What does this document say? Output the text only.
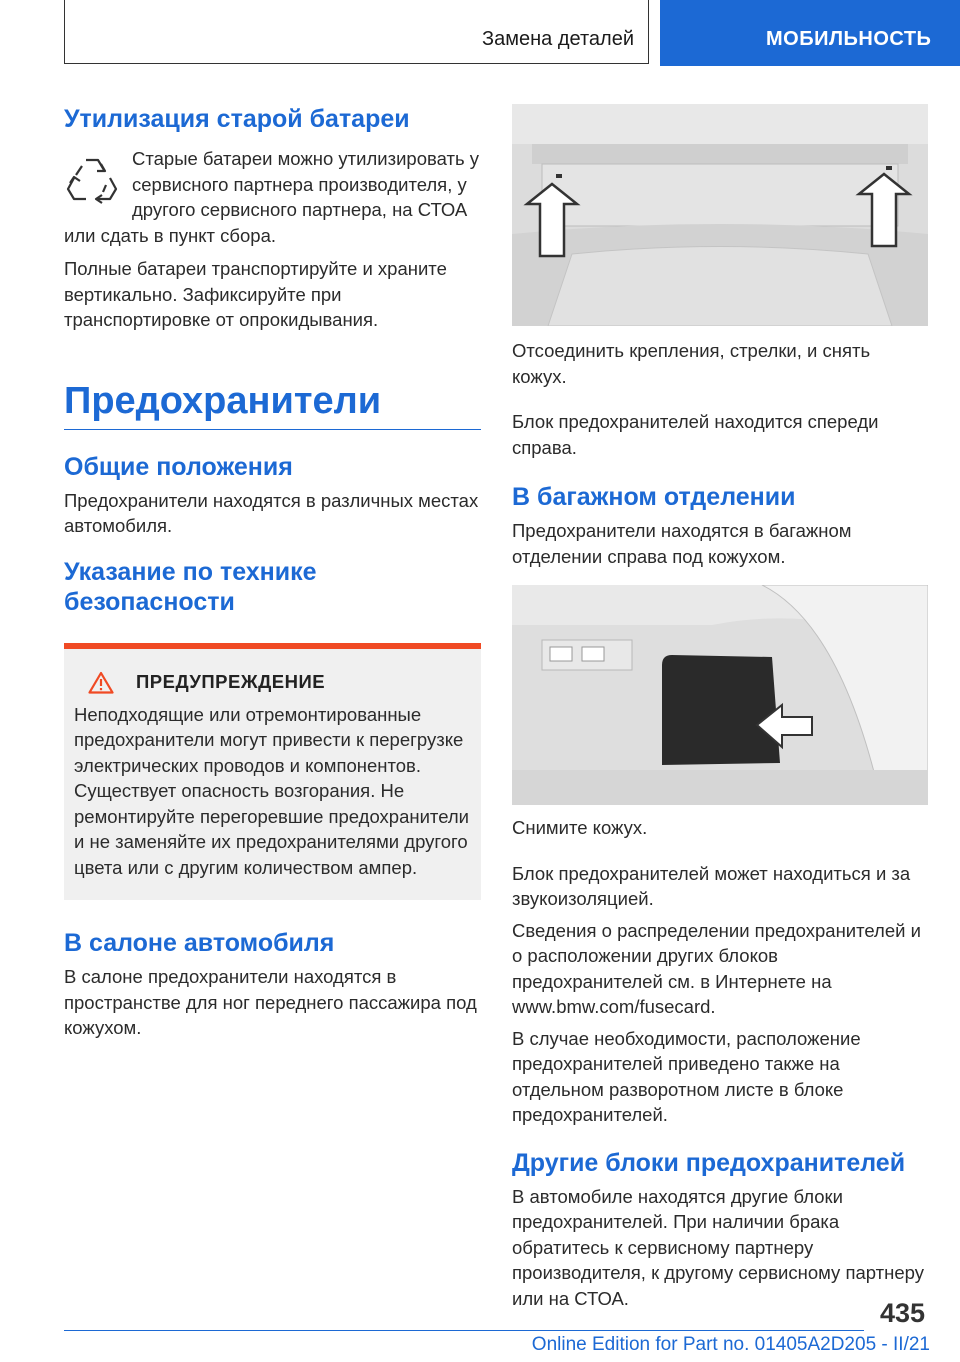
Замена деталей	МОБИЛЬНОСТЬ
Утилизация старой батареи

Старые батареи можно утилизировать у сервисного партнера производителя, у другого сервисного партнера, на СТОА или сдать в пункт сбора.

Полные батареи транспортируйте и храните вертикально. Зафиксируйте при транспортировке от опрокидывания.

Предохранители
Общие положения

Предохранители находятся в различных местах автомобиля.

Указание по технике безопасности
ПРЕДУПРЕЖДЕНИЕ

Неподходящие или отремонтированные предохранители могут привести к перегрузке электрических проводов и компонентов. Существует опасность возгорания. Не ремонтируйте перегоревшие предохранители и не заменяйте их предохранителями другого цвета или с другим количеством ампер.

В салоне автомобиля

В салоне предохранители находятся в пространстве для ног переднего пассажира под кожухом.

Отсоединить крепления, стрелки, и снять кожух.

Блок предохранителей находится спереди справа.

В багажном отделении

Предохранители находятся в багажном отделении справа под кожухом.

Снимите кожух.

Блок предохранителей может находиться и за звукоизоляцией.

Сведения о распределении предохранителей и о расположении других блоков предохранителей см. в Интернете на www.bmw.com/fusecard.

В случае необходимости, расположение предохранителей приведено также на отдельном разворотном листе в блоке предохранителей.

Другие блоки предохранителей

В автомобиле находятся другие блоки предохранителей. При наличии брака обратитесь к сервисному партнеру производителя, к другому сервисному партнеру или на СТОА.	435
Online Edition for Part no. 01405A2D205 - II/21
